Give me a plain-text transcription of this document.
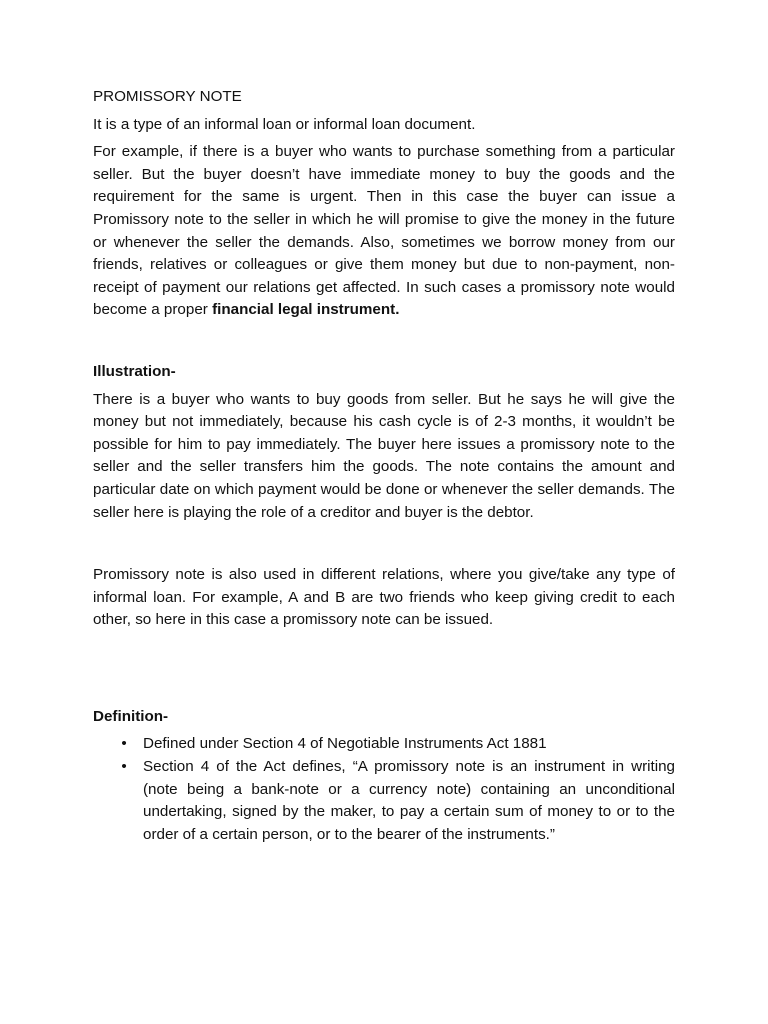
PROMISSORY NOTE

It is a type of an informal loan or informal loan document.

For example, if there is a buyer who wants to purchase something from a particular seller. But the buyer doesn’t have immediate money to buy the goods and the requirement for the same is urgent. Then in this case the buyer can issue a Promissory note to the seller in which he will promise to give the money in the future or whenever the seller the demands. Also, sometimes we borrow money from our friends, relatives or colleagues or give them money but due to non-payment, non-receipt of payment our relations get affected. In such cases a promissory note would become a proper financial legal instrument.

Illustration-

There is a buyer who wants to buy goods from seller. But he says he will give the money but not immediately, because his cash cycle is of 2-3 months, it wouldn’t be possible for him to pay immediately. The buyer here issues a promissory note to the seller and the seller transfers him the goods. The note contains the amount and particular date on which payment would be done or whenever the seller demands. The seller here is playing the role of a creditor and buyer is the debtor.

Promissory note is also used in different relations, where you give/take any type of informal loan. For example, A and B are two friends who keep giving credit to each other, so here in this case a promissory note can be issued.

Definition-
• Defined under Section 4 of Negotiable Instruments Act 1881
• Section 4 of the Act defines, “A promissory note is an instrument in writing (note being a bank-note or a currency note) containing an unconditional undertaking, signed by the maker, to pay a certain sum of money to or to the order of a certain person, or to the bearer of the instruments.”
